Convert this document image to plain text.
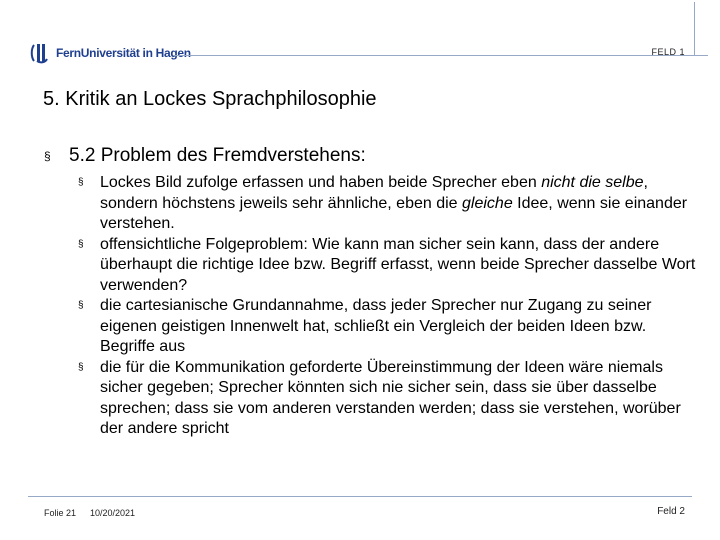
FernUniversität in Hagen	FELD 1
5. Kritik an Lockes Sprachphilosophie
§ 5.2 Problem des Fremdverstehens:
§ Lockes Bild zufolge erfassen und haben beide Sprecher eben nicht die selbe, sondern höchstens jeweils sehr ähnliche, eben die gleiche Idee, wenn sie einander verstehen.
§ offensichtliche Folgeproblem: Wie kann man sicher sein kann, dass der andere überhaupt die richtige Idee bzw. Begriff erfasst, wenn beide Sprecher dasselbe Wort verwenden?
§ die cartesianische Grundannahme, dass jeder Sprecher nur Zugang zu seiner eigenen geistigen Innenwelt hat, schließt ein Vergleich der beiden Ideen bzw. Begriffe aus
§ die für die Kommunikation geforderte Übereinstimmung der Ideen wäre niemals sicher gegeben; Sprecher könnten sich nie sicher sein, dass sie über dasselbe sprechen; dass sie vom anderen verstanden werden; dass sie verstehen, worüber der andere spricht
Folie 21 10/20/2021	Feld 2
